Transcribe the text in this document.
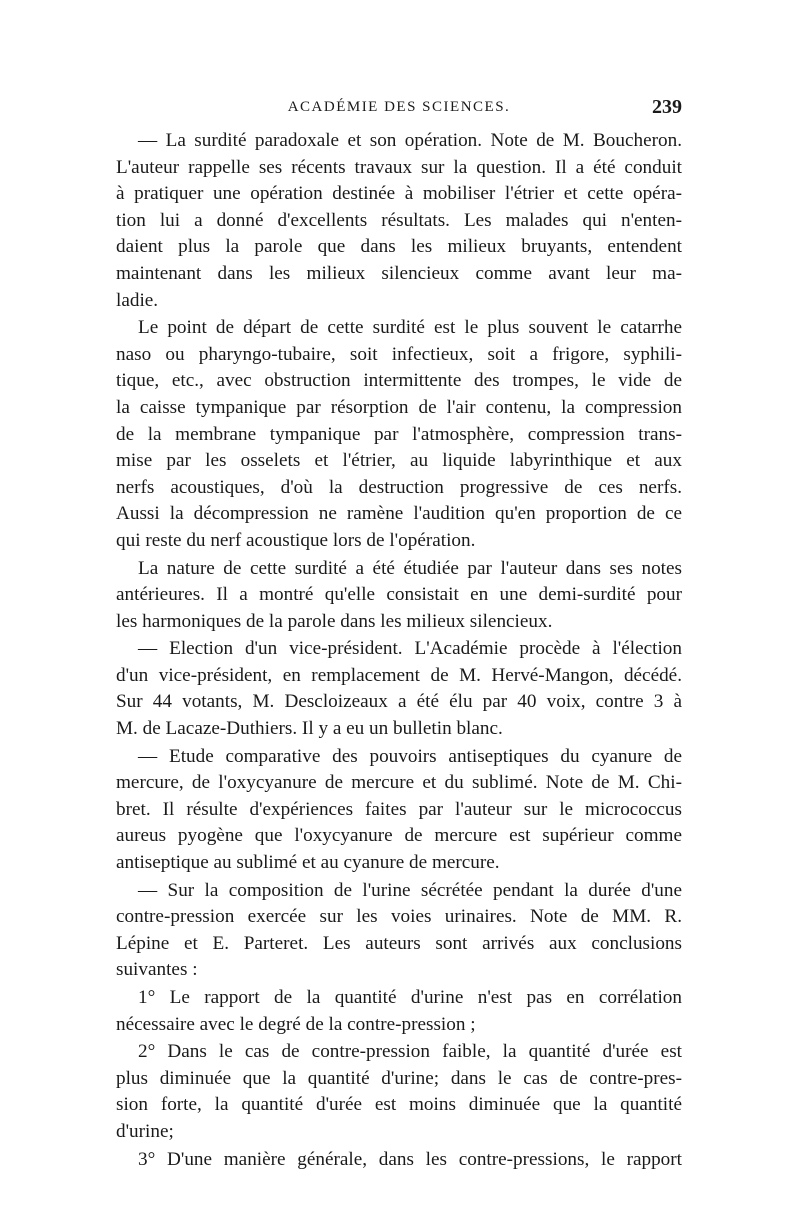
ACADÉMIE DES SCIENCES.	239

— La surdité paradoxale et son opération. Note de M. Boucheron.
L'auteur rappelle ses récents travaux sur la question. Il a été conduit
à pratiquer une opération destinée à mobiliser l'étrier et cette opéra-
tion lui a donné d'excellents résultats. Les malades qui n'enten-
daient plus la parole que dans les milieux bruyants, entendent
maintenant dans les milieux silencieux comme avant leur ma-
ladie.

Le point de départ de cette surdité est le plus souvent le catarrhe
naso ou pharyngo-tubaire, soit infectieux, soit a frigore, syphili-
tique, etc., avec obstruction intermittente des trompes, le vide de
la caisse tympanique par résorption de l'air contenu, la compression
de la membrane tympanique par l'atmosphère, compression trans-
mise par les osselets et l'étrier, au liquide labyrinthique et aux
nerfs acoustiques, d'où la destruction progressive de ces nerfs.
Aussi la décompression ne ramène l'audition qu'en proportion de ce
qui reste du nerf acoustique lors de l'opération.

La nature de cette surdité a été étudiée par l'auteur dans ses notes
antérieures. Il a montré qu'elle consistait en une demi-surdité pour
les harmoniques de la parole dans les milieux silencieux.

— Election d'un vice-président. L'Académie procède à l'élection
d'un vice-président, en remplacement de M. Hervé-Mangon, décédé.
Sur 44 votants, M. Descloizeaux a été élu par 40 voix, contre 3 à
M. de Lacaze-Duthiers. Il y a eu un bulletin blanc.

— Etude comparative des pouvoirs antiseptiques du cyanure de
mercure, de l'oxycyanure de mercure et du sublimé. Note de M. Chi-
bret. Il résulte d'expériences faites par l'auteur sur le micrococcus
aureus pyogène que l'oxycyanure de mercure est supérieur comme
antiseptique au sublimé et au cyanure de mercure.

— Sur la composition de l'urine sécrétée pendant la durée d'une
contre-pression exercée sur les voies urinaires. Note de MM. R.
Lépine et E. Parteret. Les auteurs sont arrivés aux conclusions
suivantes :

1° Le rapport de la quantité d'urine n'est pas en corrélation
nécessaire avec le degré de la contre-pression ;

2° Dans le cas de contre-pression faible, la quantité d'urée est
plus diminuée que la quantité d'urine; dans le cas de contre-pres-
sion forte, la quantité d'urée est moins diminuée que la quantité
d'urine;

3° D'une manière générale, dans les contre-pressions, le rapport
